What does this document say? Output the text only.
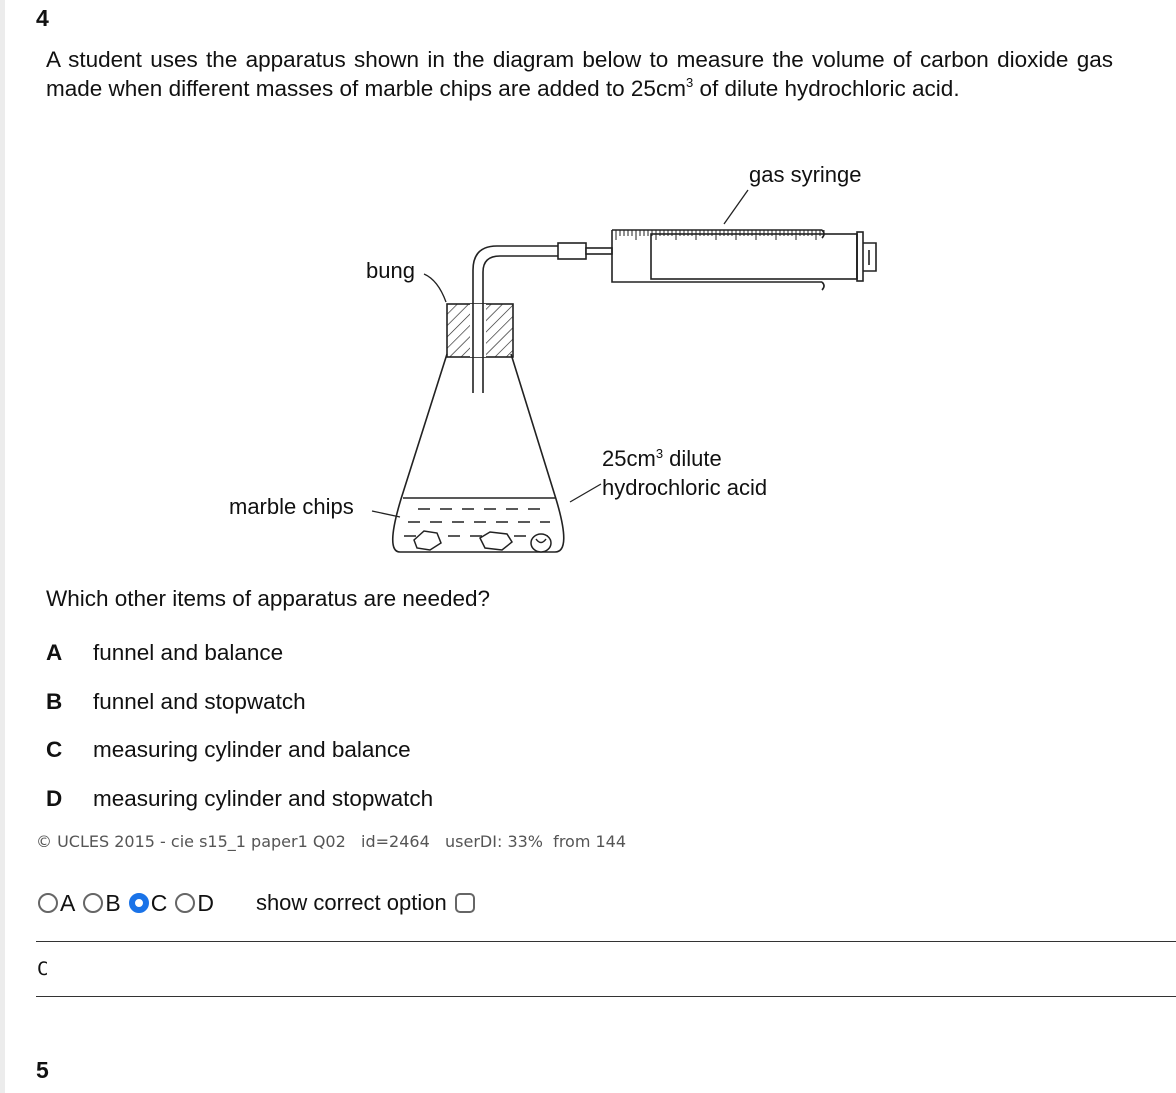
4
A student uses the apparatus shown in the diagram below to measure the volume of carbon dioxide gas made when different masses of marble chips are added to $25cm^3$ of dilute hydrochloric acid.
gas syringe
bung
marble chips
$25cm^3$ dilute
hydrochloric acid
Which other items of apparatus are needed?
A funnel and balance
B funnel and stopwatch
C measuring cylinder and balance
D measuring cylinder and stopwatch
© UCLES 2015 - cie s15_1 paper1 Q02   id=2464   userDI: 33%  from 144
A B C D show correct option
C
5
